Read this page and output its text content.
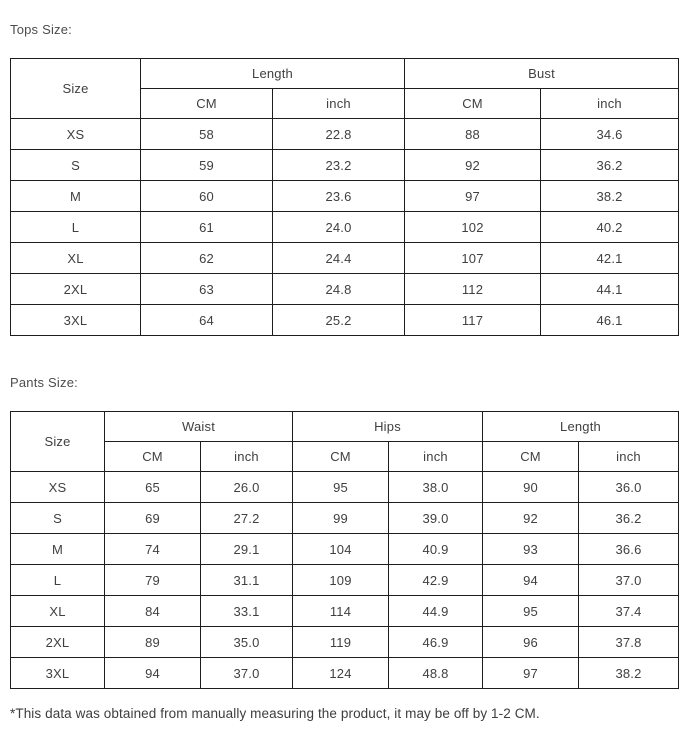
Tops Size:
Size	Length		Bust	
	CM	inch	CM	inch
XS	58	22.8	88	34.6
S	59	23.2	92	36.2
M	60	23.6	97	38.2
L	61	24.0	102	40.2
XL	62	24.4	107	42.1
2XL	63	24.8	112	44.1
3XL	64	25.2	117	46.1
Pants Size:
Size	Waist		Hips		Length	
	CM	inch	CM	inch	CM	inch
XS	65	26.0	95	38.0	90	36.0
S	69	27.2	99	39.0	92	36.2
M	74	29.1	104	40.9	93	36.6
L	79	31.1	109	42.9	94	37.0
XL	84	33.1	114	44.9	95	37.4
2XL	89	35.0	119	46.9	96	37.8
3XL	94	37.0	124	48.8	97	38.2
*This data was obtained from manually measuring the product, it may be off by 1-2 CM.
